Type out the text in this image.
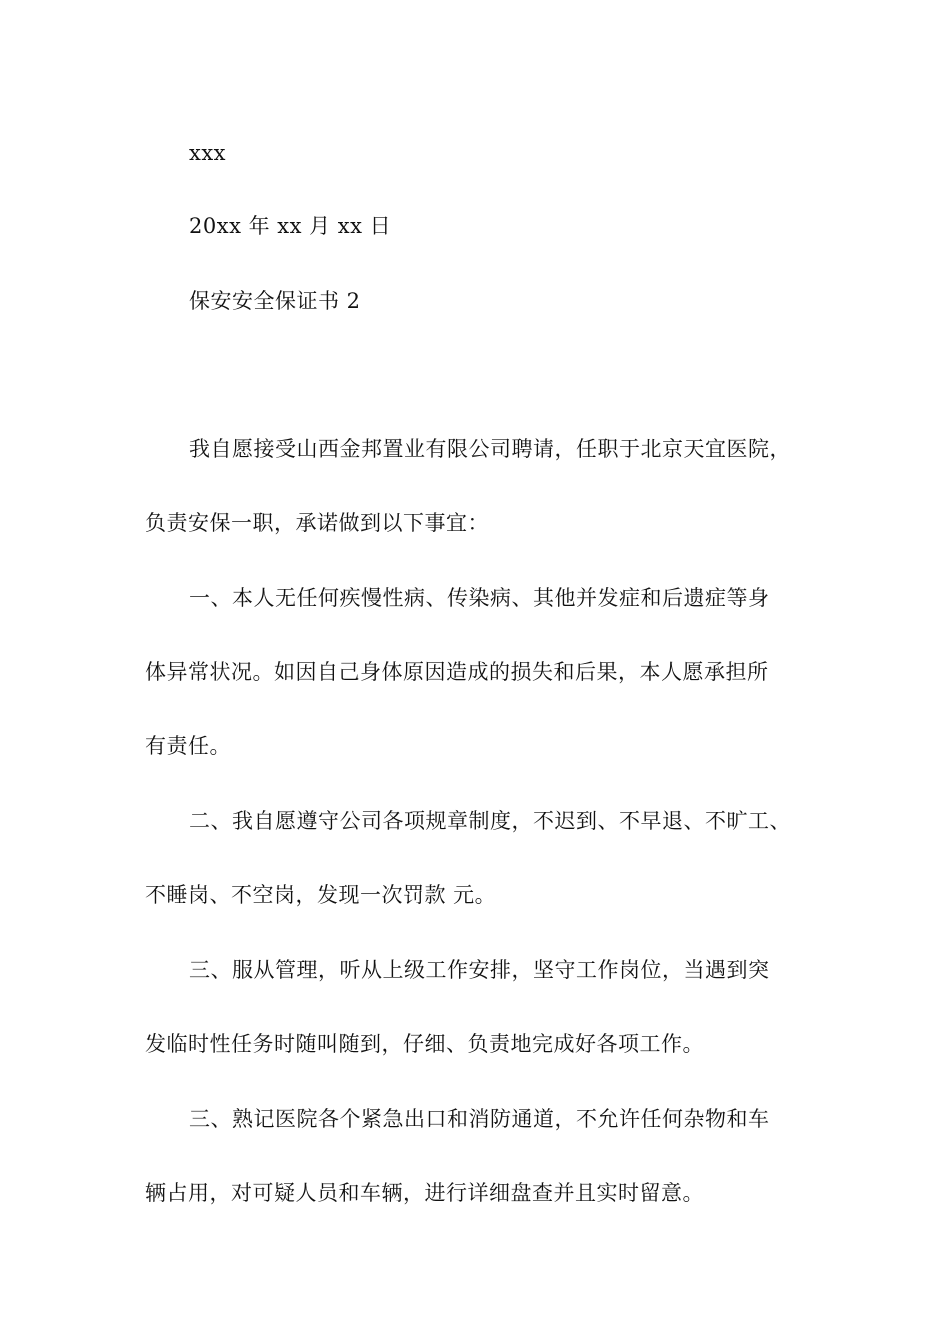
xxx
20xx 年 xx 月 xx 日
保安安全保证书 2
我自愿接受山西金邦置业有限公司聘请，任职于北京天宜医院，
负责安保一职，承诺做到以下事宜：
一、本人无任何疾慢性病、传染病、其他并发症和后遗症等身
体异常状况。如因自己身体原因造成的损失和后果，本人愿承担所
有责任。
二、我自愿遵守公司各项规章制度，不迟到、不早退、不旷工、
不睡岗、不空岗，发现一次罚款 元。
三、服从管理，听从上级工作安排，坚守工作岗位，当遇到突
发临时性任务时随叫随到，仔细、负责地完成好各项工作。
三、熟记医院各个紧急出口和消防通道，不允许任何杂物和车
辆占用，对可疑人员和车辆，进行详细盘查并且实时留意。
